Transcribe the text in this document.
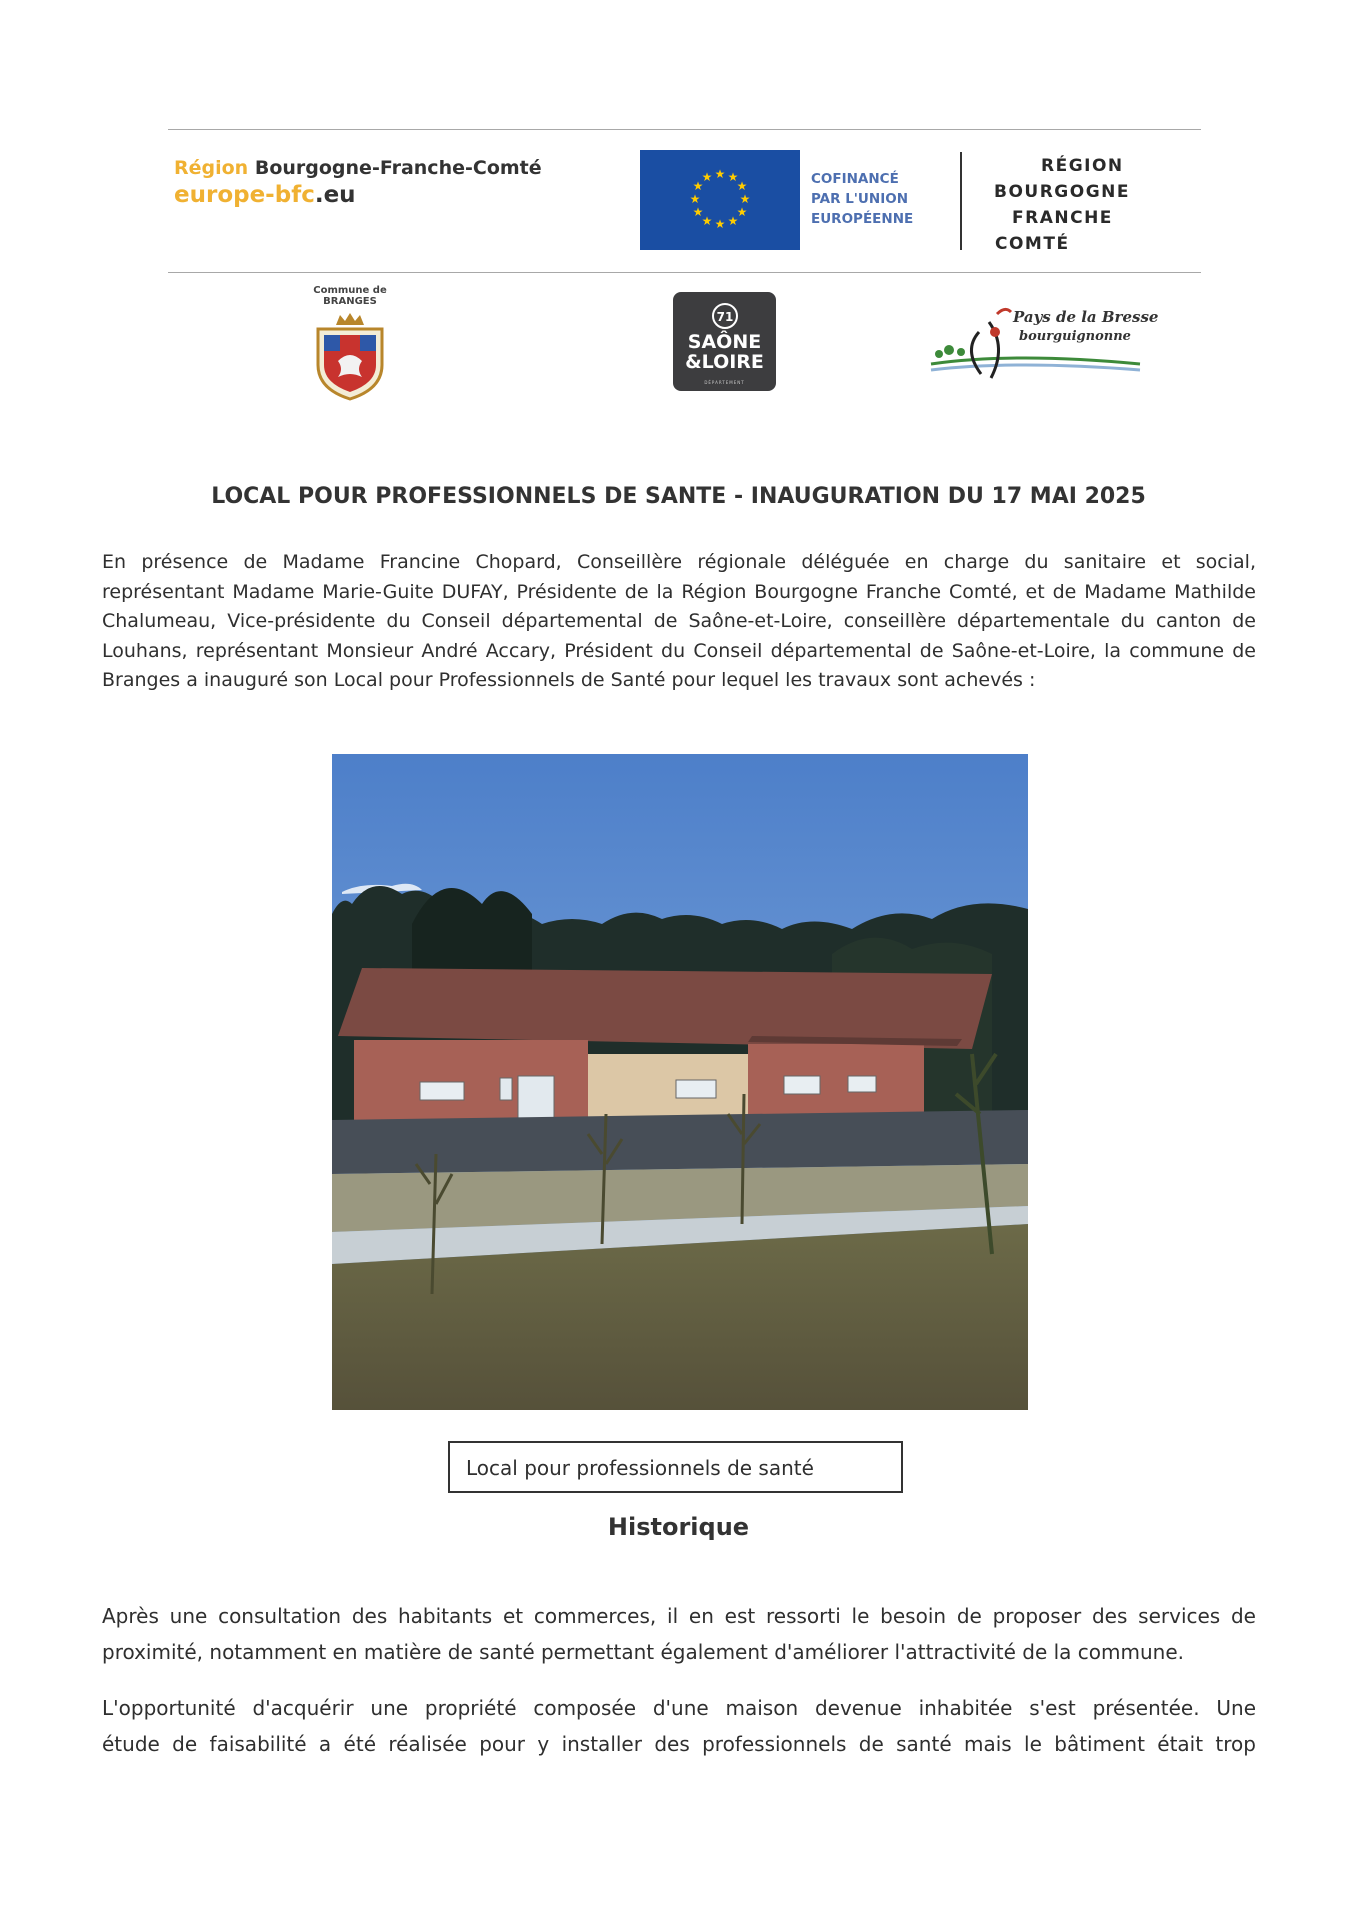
Région Bourgogne-Franche-Comté
europe-bfc.eu
★ ★
★
★
★
★
★
★
★
★
★
★	COFINANCÉ
PAR L'UNION
EUROPÉENNE
RÉGION
BOURGOGNE
FRANCHE
COMTÉ
Commune de
BRANGES
71
SAÔNE
&LOIRE
DÉPARTEMENT
Pays de la Bresse
bourguignonne
LOCAL POUR PROFESSIONNELS DE SANTE - INAUGURATION DU 17 MAI 2025

En présence de Madame Francine Chopard, Conseillère régionale déléguée en charge du sanitaire et social,
représentant Madame Marie-Guite DUFAY, Présidente de la Région Bourgogne Franche Comté, et de Madame Mathilde
Chalumeau, Vice-présidente du Conseil départemental de Saône-et-Loire, conseillère départementale du canton de
Louhans, représentant Monsieur André Accary, Président du Conseil départemental de Saône-et-Loire, la commune de
Branges a inauguré son Local pour Professionnels de Santé pour lequel les travaux sont achevés :

Local pour professionnels de santé
Historique

Après une consultation des habitants et commerces, il en est ressorti le besoin de proposer des services de
proximité, notamment en matière de santé permettant également d'améliorer l'attractivité de la commune.

L'opportunité d'acquérir une propriété composée d'une maison devenue inhabitée s'est présentée. Une
étude de faisabilité a été réalisée pour y installer des professionnels de santé mais le bâtiment était trop
